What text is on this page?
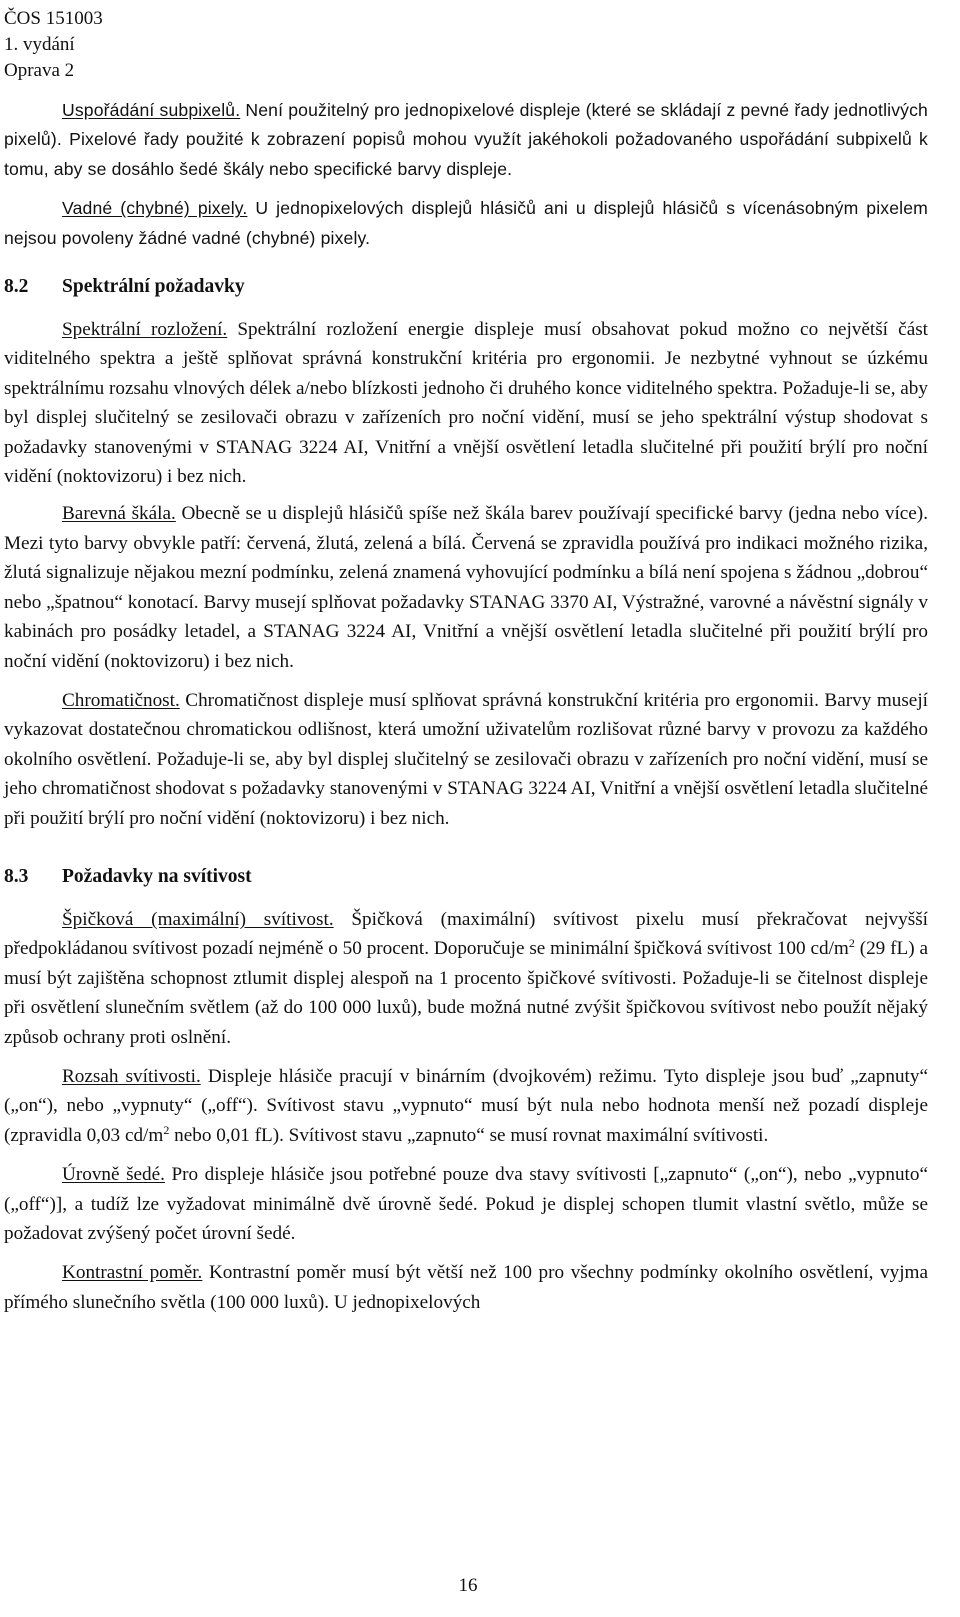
ČOS 151003
1. vydání
Oprava 2

Uspořádání subpixelů. Není použitelný pro jednopixelové displeje (které se skládají z pevné řady jednotlivých pixelů). Pixelové řady použité k zobrazení popisů mohou využít jakéhokoli požadovaného uspořádání subpixelů k tomu, aby se dosáhlo šedé škály nebo specifické barvy displeje.

Vadné (chybné) pixely. U jednopixelových displejů hlásičů ani u displejů hlásičů s vícenásobným pixelem nejsou povoleny žádné vadné (chybné) pixely.

8.2 Spektrální požadavky

Spektrální rozložení. Spektrální rozložení energie displeje musí obsahovat pokud možno co největší část viditelného spektra a ještě splňovat správná konstrukční kritéria pro ergonomii. Je nezbytné vyhnout se úzkému spektrálnímu rozsahu vlnových délek a/nebo blízkosti jednoho či druhého konce viditelného spektra. Požaduje-li se, aby byl displej slučitelný se zesilovači obrazu v zařízeních pro noční vidění, musí se jeho spektrální výstup shodovat s požadavky stanovenými v STANAG 3224 AI, Vnitřní a vnější osvětlení letadla slučitelné při použití brýlí pro noční vidění (noktovizoru) i bez nich.

Barevná škála. Obecně se u displejů hlásičů spíše než škála barev používají specifické barvy (jedna nebo více). Mezi tyto barvy obvykle patří: červená, žlutá, zelená a bílá. Červená se zpravidla používá pro indikaci možného rizika, žlutá signalizuje nějakou mezní podmínku, zelená znamená vyhovující podmínku a bílá není spojena s žádnou „dobrou“ nebo „špatnou“ konotací. Barvy musejí splňovat požadavky STANAG 3370 AI, Výstražné, varovné a návěstní signály v kabinách pro posádky letadel, a STANAG 3224 AI, Vnitřní a vnější osvětlení letadla slučitelné při použití brýlí pro noční vidění (noktovizoru) i bez nich.

Chromatičnost. Chromatičnost displeje musí splňovat správná konstrukční kritéria pro ergonomii. Barvy musejí vykazovat dostatečnou chromatickou odlišnost, která umožní uživatelům rozlišovat různé barvy v provozu za každého okolního osvětlení. Požaduje-li se, aby byl displej slučitelný se zesilovači obrazu v zařízeních pro noční vidění, musí se jeho chromatičnost shodovat s požadavky stanovenými v STANAG 3224 AI, Vnitřní a vnější osvětlení letadla slučitelné při použití brýlí pro noční vidění (noktovizoru) i bez nich.

8.3 Požadavky na svítivost

Špičková (maximální) svítivost. Špičková (maximální) svítivost pixelu musí překračovat nejvyšší předpokládanou svítivost pozadí nejméně o 50 procent. Doporučuje se minimální špičková svítivost 100 $cd/m^2$ (29 fL) a musí být zajištěna schopnost ztlumit displej alespoň na 1 procento špičkové svítivosti. Požaduje-li se čitelnost displeje při osvětlení slunečním světlem (až do 100 000 luxů), bude možná nutné zvýšit špičkovou svítivost nebo použít nějaký způsob ochrany proti oslnění.

Rozsah svítivosti. Displeje hlásiče pracují v binárním (dvojkovém) režimu. Tyto displeje jsou buď „zapnuty“ („on“), nebo „vypnuty“ („off“). Svítivost stavu „vypnuto“ musí být nula nebo hodnota menší než pozadí displeje (zpravidla 0,03 $cd/m^2$ nebo 0,01 fL). Svítivost stavu „zapnuto“ se musí rovnat maximální svítivosti.

Úrovně šedé. Pro displeje hlásiče jsou potřebné pouze dva stavy svítivosti [„zapnuto“ („on“), nebo „vypnuto“ („off“)], a tudíž lze vyžadovat minimálně dvě úrovně šedé. Pokud je displej schopen tlumit vlastní světlo, může se požadovat zvýšený počet úrovní šedé.

Kontrastní poměr. Kontrastní poměr musí být větší než 100 pro všechny podmínky okolního osvětlení, vyjma přímého slunečního světla (100 000 luxů). U jednopixelových

16
